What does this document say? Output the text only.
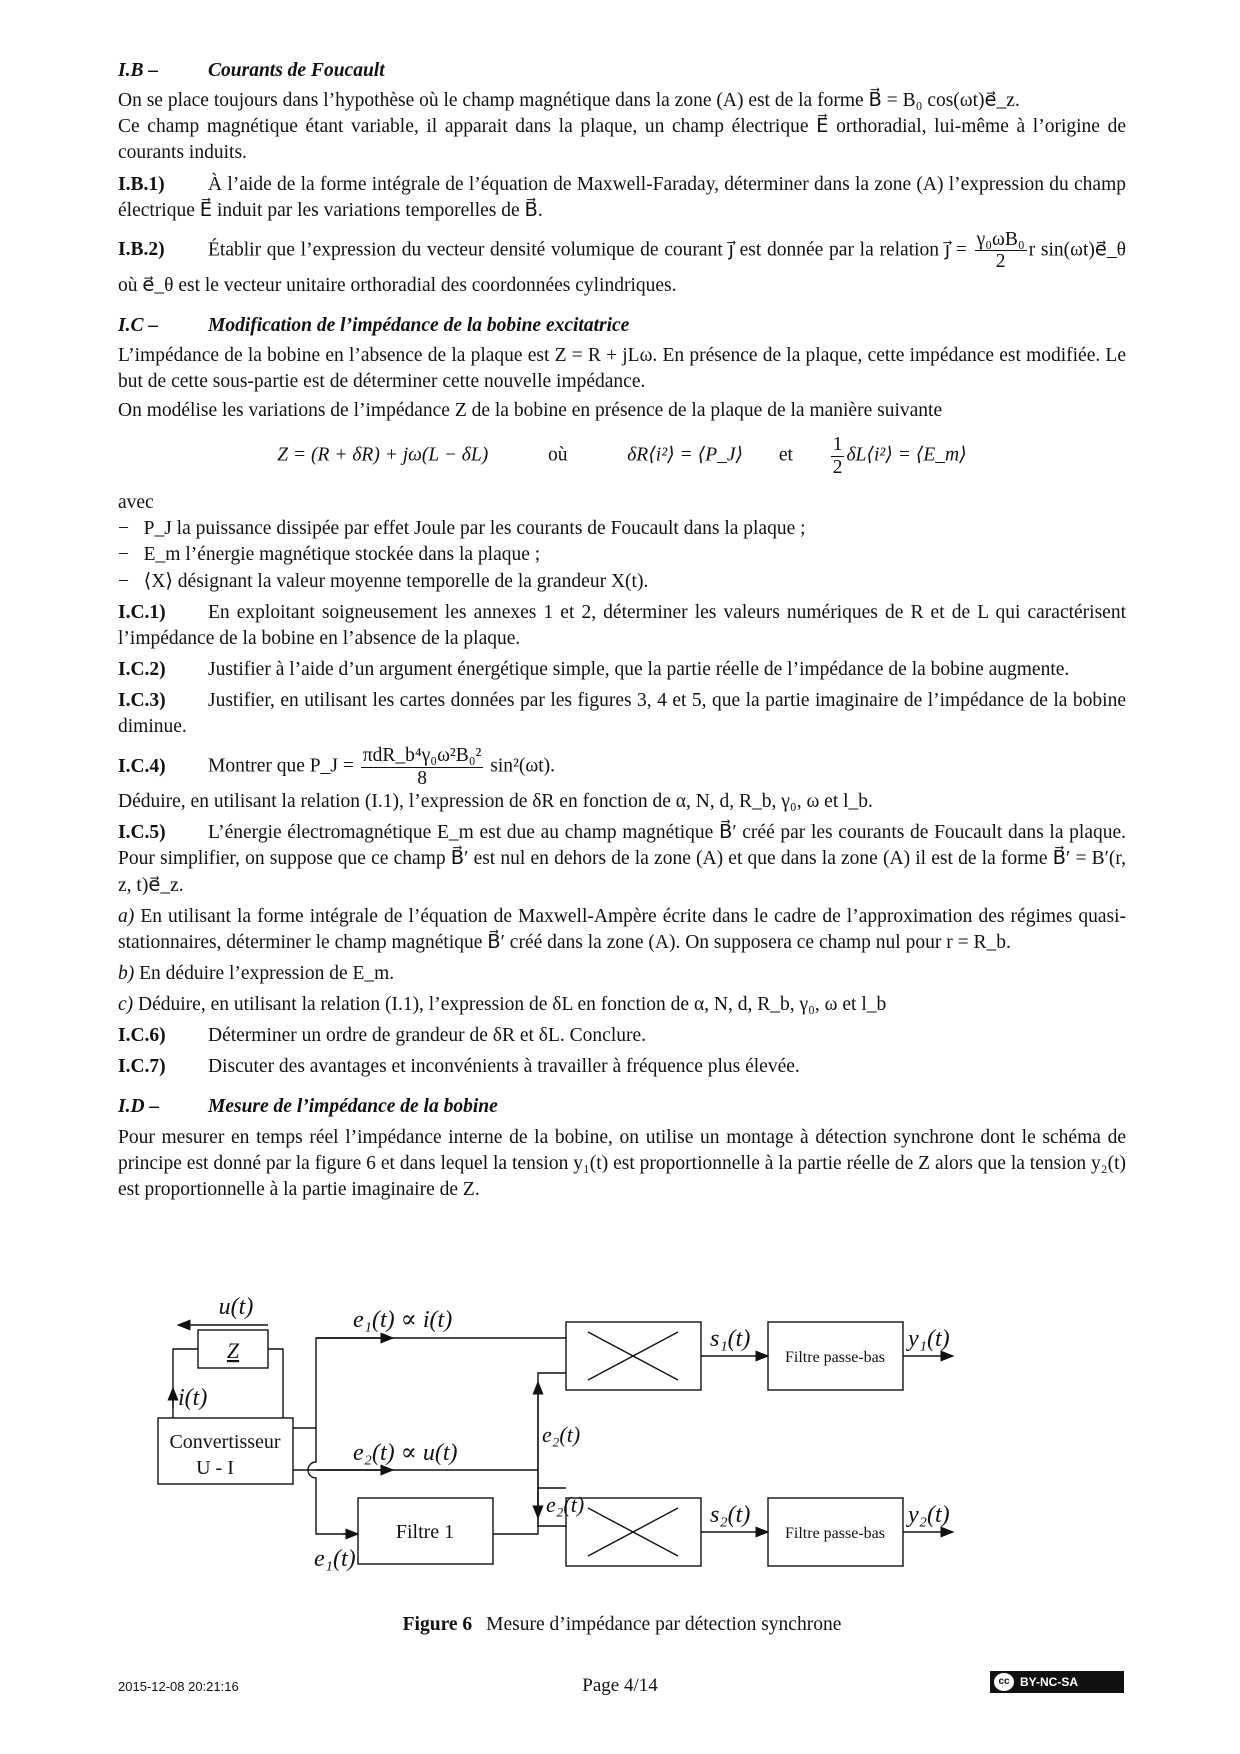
I.B –	Courants de Foucault

On se place toujours dans l’hypothèse où le champ magnétique dans la zone (A) est de la forme B⃗ = B₀ cos(ωt)e⃗_z.

Ce champ magnétique étant variable, il apparait dans la plaque, un champ électrique E⃗ orthoradial, lui-même à l’origine de courants induits.

I.B.1) À l’aide de la forme intégrale de l’équation de Maxwell-Faraday, déterminer dans la zone (A) l’expression du champ électrique E⃗ induit par les variations temporelles de B⃗.

I.B.2) Établir que l’expression du vecteur densité volumique de courant j⃗ est donnée par la relation j⃗ = $\frac{\text{γ₀ωB₀}}{2}$ r sin(ωt)e⃗_θ où e⃗_θ est le vecteur unitaire orthoradial des coordonnées cylindriques.

I.C –	Modification de l’impédance de la bobine excitatrice

L’impédance de la bobine en l’absence de la plaque est Z = R + jLω. En présence de la plaque, cette impédance est modifiée. Le but de cette sous-partie est de déterminer cette nouvelle impédance.

On modélise les variations de l’impédance Z de la bobine en présence de la plaque de la manière suivante

Z = (R + δR) + jω(L − δL)	où	δR⟨i²⟩ = ⟨P_J⟩ et $\frac{1}{2}$ δL⟨i²⟩ = ⟨E_m⟩

avec

−   P_J la puissance dissipée par effet Joule par les courants de Foucault dans la plaque ;

−   E_m l’énergie magnétique stockée dans la plaque ;

−   ⟨X⟩ désignant la valeur moyenne temporelle de la grandeur X(t).

I.C.1) En exploitant soigneusement les annexes 1 et 2, déterminer les valeurs numériques de R et de L qui caractérisent l’impédance de la bobine en l’absence de la plaque.

I.C.2) Justifier à l’aide d’un argument énergétique simple, que la partie réelle de l’impédance de la bobine augmente.

I.C.3) Justifier, en utilisant les cartes données par les figures 3, 4 et 5, que la partie imaginaire de l’impédance de la bobine diminue.

I.C.4) Montrer que P_J = $\frac{\text{πdR\_b⁴γ₀ω²B₀²}}{8} \sin^2(\omega t)$.

Déduire, en utilisant la relation (I.1), l’expression de δR en fonction de α, N, d, R_b, γ₀, ω et l_b.

I.C.5) L’énergie électromagnétique E_m est due au champ magnétique B⃗′ créé par les courants de Foucault dans la plaque. Pour simplifier, on suppose que ce champ B⃗′ est nul en dehors de la zone (A) et que dans la zone (A) il est de la forme B⃗′ = B′(r, z, t)e⃗_z.

a) En utilisant la forme intégrale de l’équation de Maxwell-Ampère écrite dans le cadre de l’approximation des régimes quasi-stationnaires, déterminer le champ magnétique B⃗′ créé dans la zone (A). On supposera ce champ nul pour r = R_b.

b) En déduire l’expression de E_m.

c) Déduire, en utilisant la relation (I.1), l’expression de δL en fonction de α, N, d, R_b, γ₀, ω et l_b

I.C.6) Déterminer un ordre de grandeur de δR et δL. Conclure.

I.C.7) Discuter des avantages et inconvénients à travailler à fréquence plus élevée.

I.D –	Mesure de l’impédance de la bobine

Pour mesurer en temps réel l’impédance interne de la bobine, on utilise un montage à détection synchrone dont le schéma de principe est donné par la figure 6 et dans lequel la tension y₁(t) est proportionnelle à la partie réelle de Z alors que la tension y₂(t) est proportionnelle à la partie imaginaire de Z.

u(t)
Z
i(t)
Convertisseur
U - I
e₁(t) ∝ i(t)
e₂(t) ∝ u(t)
e₁(t)
Filtre 1
e₂(t)
e₂(t)
s₁(t)
s₂(t)
Filtre passe-bas
Filtre passe-bas
y₁(t)
y₂(t)
Figure 6 Mesure d’impédance par détection synchrone
2015-12-08 20:21:16	Page 4/14	cc BY-NC-SA
